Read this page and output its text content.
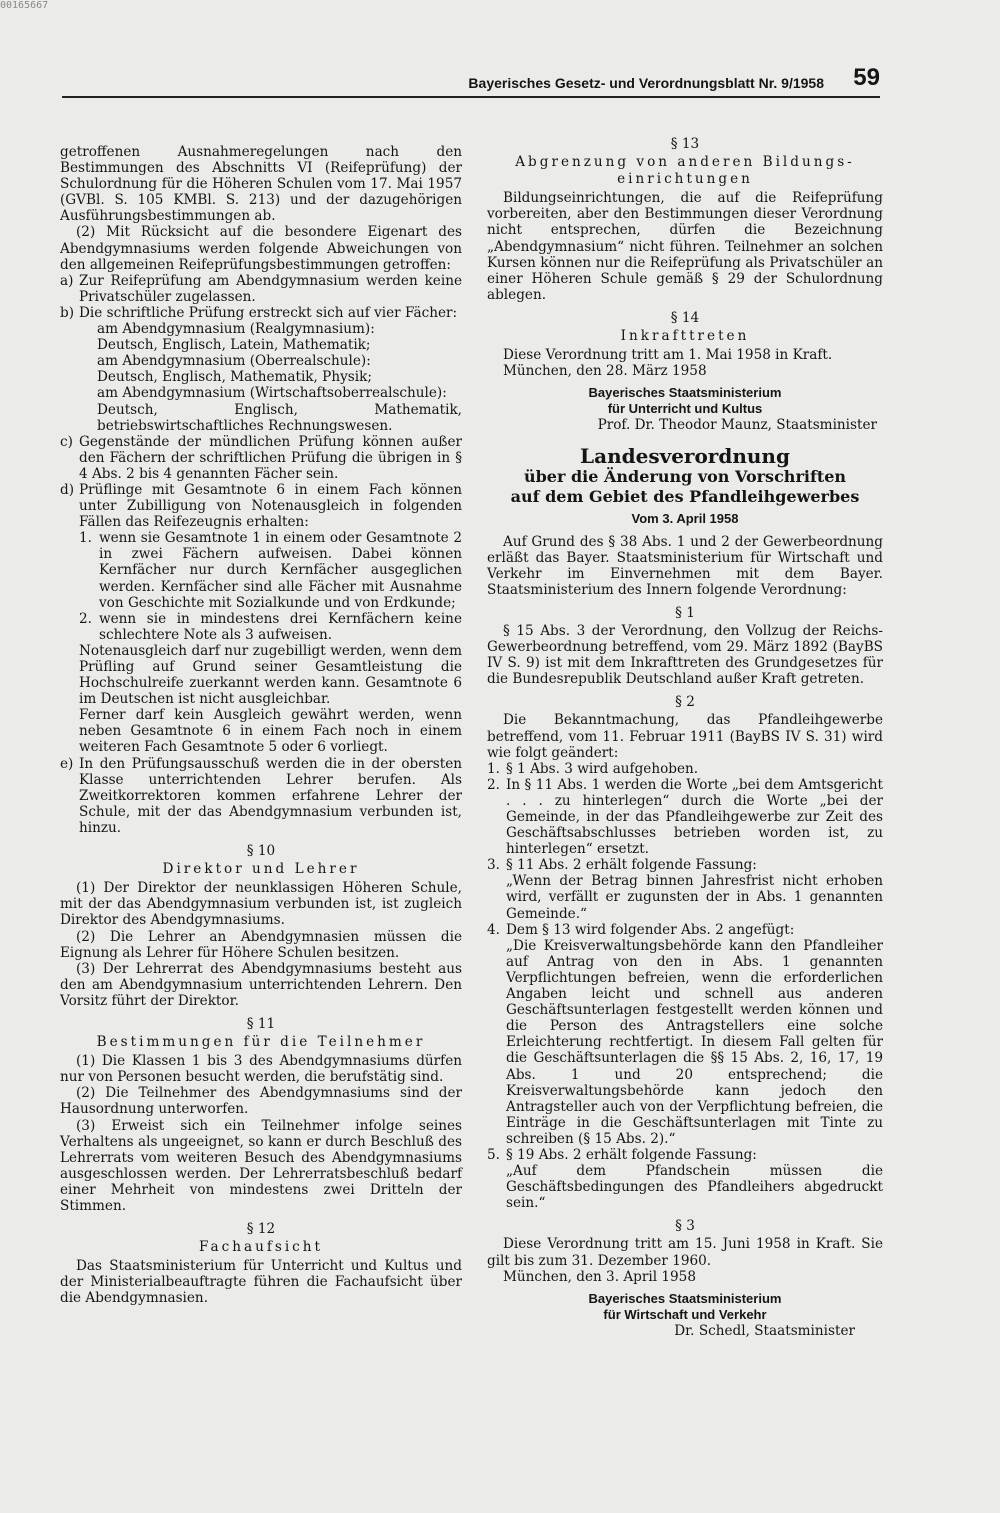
00165667
Bayerisches Gesetz- und Verordnungsblatt Nr. 9/1958 59

getroffenen Ausnahmeregelungen nach den Bestimmungen des Abschnitts VI (Reifeprüfung) der Schulordnung für die Höheren Schulen vom 17. Mai 1957 (GVBl. S. 105 KMBl. S. 213) und der dazugehörigen Ausführungsbestimmungen ab.

(2) Mit Rücksicht auf die besondere Eigenart des Abendgymnasiums werden folgende Abweichungen von den allgemeinen Reifeprüfungsbestimmungen getroffen:

a) Zur Reifeprüfung am Abendgymnasium werden keine Privatschüler zugelassen.
b) Die schriftliche Prüfung erstreckt sich auf vier Fächer:
am Abendgymnasium (Realgymnasium):
Deutsch, Englisch, Latein, Mathematik;
am Abendgymnasium (Oberrealschule):
Deutsch, Englisch, Mathematik, Physik;
am Abendgymnasium (Wirtschaftsoberrealschule):
Deutsch, Englisch, Mathematik, betriebswirtschaftliches Rechnungswesen.
c) Gegenstände der mündlichen Prüfung können außer den Fächern der schriftlichen Prüfung die übrigen in § 4 Abs. 2 bis 4 genannten Fächer sein.
d) Prüflinge mit Gesamtnote 6 in einem Fach können unter Zubilligung von Notenausgleich in folgenden Fällen das Reifezeugnis erhalten:
1. wenn sie Gesamtnote 1 in einem oder Gesamtnote 2 in zwei Fächern aufweisen. Dabei können Kernfächer nur durch Kernfächer ausgeglichen werden. Kernfächer sind alle Fächer mit Ausnahme von Geschichte mit Sozialkunde und von Erdkunde;
2. wenn sie in mindestens drei Kernfächern keine schlechtere Note als 3 aufweisen.
Notenausgleich darf nur zugebilligt werden, wenn dem Prüfling auf Grund seiner Gesamtleistung die Hochschulreife zuerkannt werden kann. Gesamtnote 6 im Deutschen ist nicht ausgleichbar.
Ferner darf kein Ausgleich gewährt werden, wenn neben Gesamtnote 6 in einem Fach noch in einem weiteren Fach Gesamtnote 5 oder 6 vorliegt.
e) In den Prüfungsausschuß werden die in der obersten Klasse unterrichtenden Lehrer berufen. Als Zweitkorrektoren kommen erfahrene Lehrer der Schule, mit der das Abendgymnasium verbunden ist, hinzu.
§ 10
Direktor und Lehrer

(1) Der Direktor der neunklassigen Höheren Schule, mit der das Abendgymnasium verbunden ist, ist zugleich Direktor des Abendgymnasiums.

(2) Die Lehrer an Abendgymnasien müssen die Eignung als Lehrer für Höhere Schulen besitzen.

(3) Der Lehrerrat des Abendgymnasiums besteht aus den am Abendgymnasium unterrichtenden Lehrern. Den Vorsitz führt der Direktor.

§ 11
Bestimmungen für die Teilnehmer

(1) Die Klassen 1 bis 3 des Abendgymnasiums dürfen nur von Personen besucht werden, die berufstätig sind.

(2) Die Teilnehmer des Abendgymnasiums sind der Hausordnung unterworfen.

(3) Erweist sich ein Teilnehmer infolge seines Verhaltens als ungeeignet, so kann er durch Beschluß des Lehrerrats vom weiteren Besuch des Abendgymnasiums ausgeschlossen werden. Der Lehrerratsbeschluß bedarf einer Mehrheit von mindestens zwei Dritteln der Stimmen.

§ 12
Fachaufsicht

Das Staatsministerium für Unterricht und Kultus und der Ministerialbeauftragte führen die Fachaufsicht über die Abendgymnasien.

§ 13
Abgrenzung von anderen Bildungs-
einrichtungen

Bildungseinrichtungen, die auf die Reifeprüfung vorbereiten, aber den Bestimmungen dieser Verordnung nicht entsprechen, dürfen die Bezeichnung „Abendgymnasium“ nicht führen. Teilnehmer an solchen Kursen können nur die Reifeprüfung als Privatschüler an einer Höheren Schule gemäß § 29 der Schulordnung ablegen.

§ 14
Inkrafttreten

Diese Verordnung tritt am 1. Mai 1958 in Kraft.

München, den 28. März 1958

Bayerisches Staatsministerium
für Unterricht und Kultus
Prof. Dr. Theodor Maunz, Staatsminister
Landesverordnung
über die Änderung von Vorschriften
auf dem Gebiet des Pfandleihgewerbes
Vom 3. April 1958

Auf Grund des § 38 Abs. 1 und 2 der Gewerbeordnung erläßt das Bayer. Staatsministerium für Wirtschaft und Verkehr im Einvernehmen mit dem Bayer. Staatsministerium des Innern folgende Verordnung:

§ 1

§ 15 Abs. 3 der Verordnung, den Vollzug der Reichs-Gewerbeordnung betreffend, vom 29. März 1892 (BayBS IV S. 9) ist mit dem Inkrafttreten des Grundgesetzes für die Bundesrepublik Deutschland außer Kraft getreten.

§ 2

Die Bekanntmachung, das Pfandleihgewerbe betreffend, vom 11. Februar 1911 (BayBS IV S. 31) wird wie folgt geändert:

1. § 1 Abs. 3 wird aufgehoben.
2. In § 11 Abs. 1 werden die Worte „bei dem Amtsgericht . . . zu hinterlegen“ durch die Worte „bei der Gemeinde, in der das Pfandleihgewerbe zur Zeit des Geschäftsabschlusses betrieben worden ist, zu hinterlegen“ ersetzt.
3. § 11 Abs. 2 erhält folgende Fassung:
„Wenn der Betrag binnen Jahresfrist nicht erhoben wird, verfällt er zugunsten der in Abs. 1 genannten Gemeinde.“
4. Dem § 13 wird folgender Abs. 2 angefügt:
„Die Kreisverwaltungsbehörde kann den Pfandleiher auf Antrag von den in Abs. 1 genannten Verpflichtungen befreien, wenn die erforderlichen Angaben leicht und schnell aus anderen Geschäftsunterlagen festgestellt werden können und die Person des Antragstellers eine solche Erleichterung rechtfertigt. In diesem Fall gelten für die Geschäftsunterlagen die §§ 15 Abs. 2, 16, 17, 19 Abs. 1 und 20 entsprechend; die Kreisverwaltungsbehörde kann jedoch den Antragsteller auch von der Verpflichtung befreien, die Einträge in die Geschäftsunterlagen mit Tinte zu schreiben (§ 15 Abs. 2).“
5. § 19 Abs. 2 erhält folgende Fassung:
„Auf dem Pfandschein müssen die Geschäftsbedingungen des Pfandleihers abgedruckt sein.“
§ 3

Diese Verordnung tritt am 15. Juni 1958 in Kraft. Sie gilt bis zum 31. Dezember 1960.

München, den 3. April 1958

Bayerisches Staatsministerium
für Wirtschaft und Verkehr
Dr. Schedl, Staatsminister
